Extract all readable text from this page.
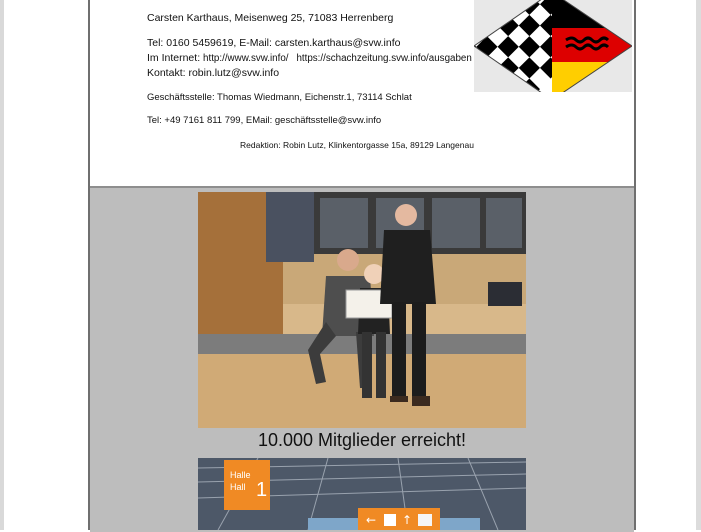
Carsten Karthaus, Meisenweg 25, 71083 Herrenberg
Tel: 0160 5459619, E-Mail: carsten.karthaus@svw.info
Im Internet: http://www.svw.info/ https://schachzeitung.svw.info/ausgaben
Kontakt: robin.lutz@svw.info
Geschäftsstelle: Thomas Wiedmann, Eichenstr.1, 73114 Schlat
Tel: +49 7161 811 799, EMail: geschäftsstelle@svw.info
Redaktion: Robin Lutz, Klinkentorgasse 15a, 89129 Langenau
10.000 Mitglieder erreicht!
Halle
Hall 1
← ↑
